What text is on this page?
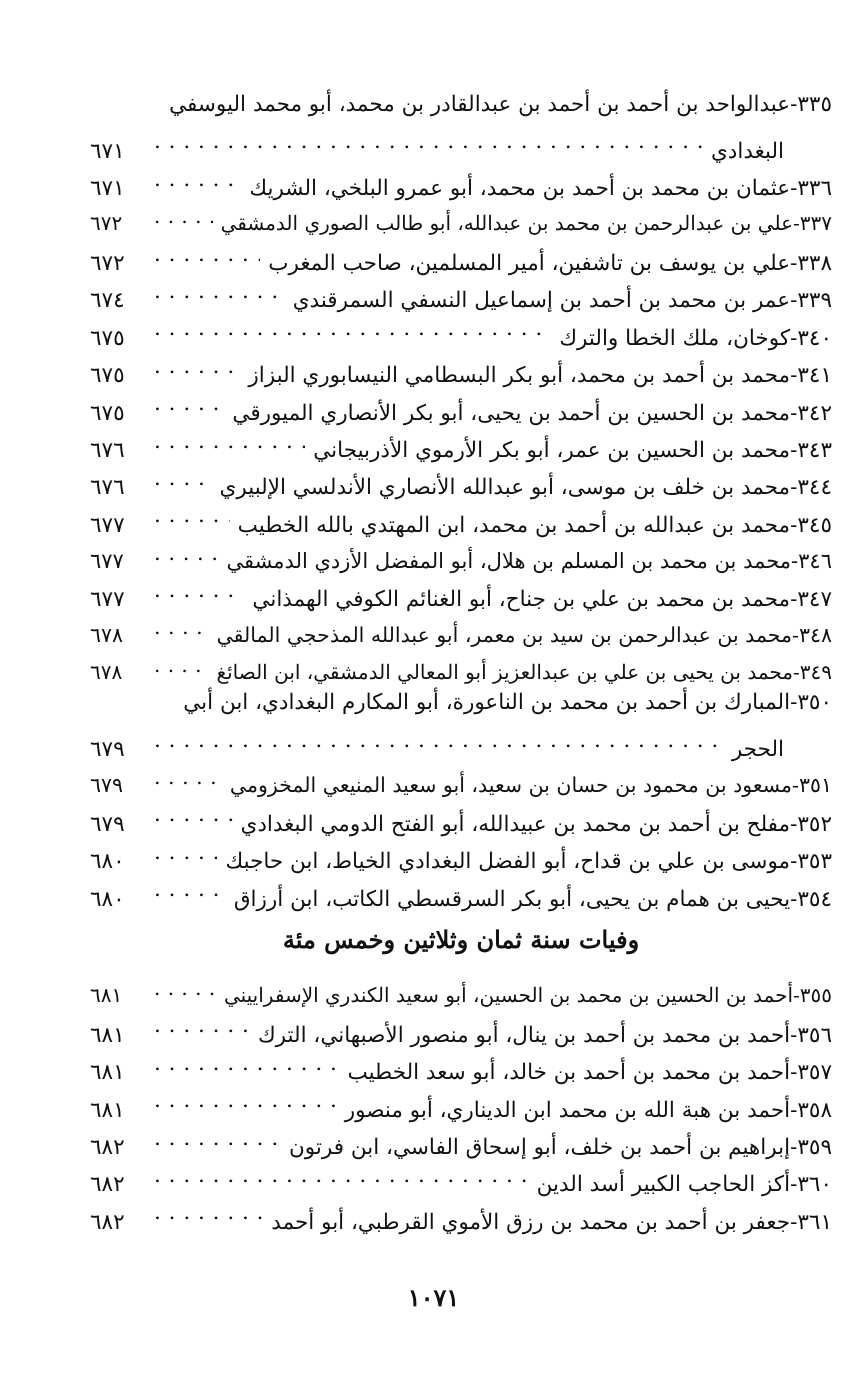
٣٣٥-
عبدالواحد بن أحمد بن أحمد بن عبدالقادر بن محمد، أبو محمد اليوسفي
البغدادي
. . .
٦٧١
٣٣٦-
عثمان بن محمد بن أحمد بن محمد، أبو عمرو البلخي، الشريك
. . .
٦٧١
٣٣٧-
علي بن عبدالرحمن بن محمد بن عبدالله، أبو طالب الصوري الدمشقي
. . .
٦٧٢
٣٣٨-
علي بن يوسف بن تاشفين، أمير المسلمين، صاحب المغرب
. . .
٦٧٢
٣٣٩-
عمر بن محمد بن أحمد بن إسماعيل النسفي السمرقندي
. . .
٦٧٤
٣٤٠-
كوخان، ملك الخطا والترك
. . .
٦٧٥
٣٤١-
محمد بن أحمد بن محمد، أبو بكر البسطامي النيسابوري البزاز
. . .
٦٧٥
٣٤٢-
محمد بن الحسين بن أحمد بن يحيى، أبو بكر الأنصاري الميورقي
. . .
٦٧٥
٣٤٣-
محمد بن الحسين بن عمر، أبو بكر الأرموي الأذربيجاني
. . .
٦٧٦
٣٤٤-
محمد بن خلف بن موسى، أبو عبدالله الأنصاري الأندلسي الإلبيري
. . .
٦٧٦
٣٤٥-
محمد بن عبدالله بن أحمد بن محمد، ابن المهتدي بالله الخطيب
. . .
٦٧٧
٣٤٦-
محمد بن محمد بن المسلم بن هلال، أبو المفضل الأزدي الدمشقي
. . .
٦٧٧
٣٤٧-
محمد بن محمد بن علي بن جناح، أبو الغنائم الكوفي الهمذاني
. . .
٦٧٧
٣٤٨-
محمد بن عبدالرحمن بن سيد بن معمر، أبو عبدالله المذحجي المالقي
. . .
٦٧٨
٣٤٩-
محمد بن يحيى بن علي بن عبدالعزيز أبو المعالي الدمشقي، ابن الصائغ
. . .
٦٧٨
٣٥٠-
المبارك بن أحمد بن محمد بن الناعورة، أبو المكارم البغدادي، ابن أبي
الحجر
. . .
٦٧٩
٣٥١-
مسعود بن محمود بن حسان بن سعيد، أبو سعيد المنيعي المخزومي
. . .
٦٧٩
٣٥٢-
مفلح بن أحمد بن محمد بن عبيدالله، أبو الفتح الدومي البغدادي
. . .
٦٧٩
٣٥٣-
موسى بن علي بن قداح، أبو الفضل البغدادي الخياط، ابن حاجبك
. . .
٦٨٠
٣٥٤-
يحيى بن همام بن يحيى، أبو بكر السرقسطي الكاتب، ابن أرزاق
. . .
٦٨٠
وفيات سنة ثمان وثلاثين وخمس مئة
٣٥٥-
أحمد بن الحسين بن محمد بن الحسين، أبو سعيد الكندري الإسفراييني
. . .
٦٨١
٣٥٦-
أحمد بن محمد بن أحمد بن ينال، أبو منصور الأصبهاني، الترك
. . .
٦٨١
٣٥٧-
أحمد بن محمد بن أحمد بن خالد، أبو سعد الخطيب
. . .
٦٨١
٣٥٨-
أحمد بن هبة الله بن محمد ابن الديناري، أبو منصور
. . .
٦٨١
٣٥٩-
إبراهيم بن أحمد بن خلف، أبو إسحاق الفاسي، ابن فرتون
. . .
٦٨٢
٣٦٠-
أكز الحاجب الكبير أسد الدين
. . .
٦٨٢
٣٦١-
جعفر بن أحمد بن محمد بن رزق الأموي القرطبي، أبو أحمد
. . .
٦٨٢
١٠٧١
